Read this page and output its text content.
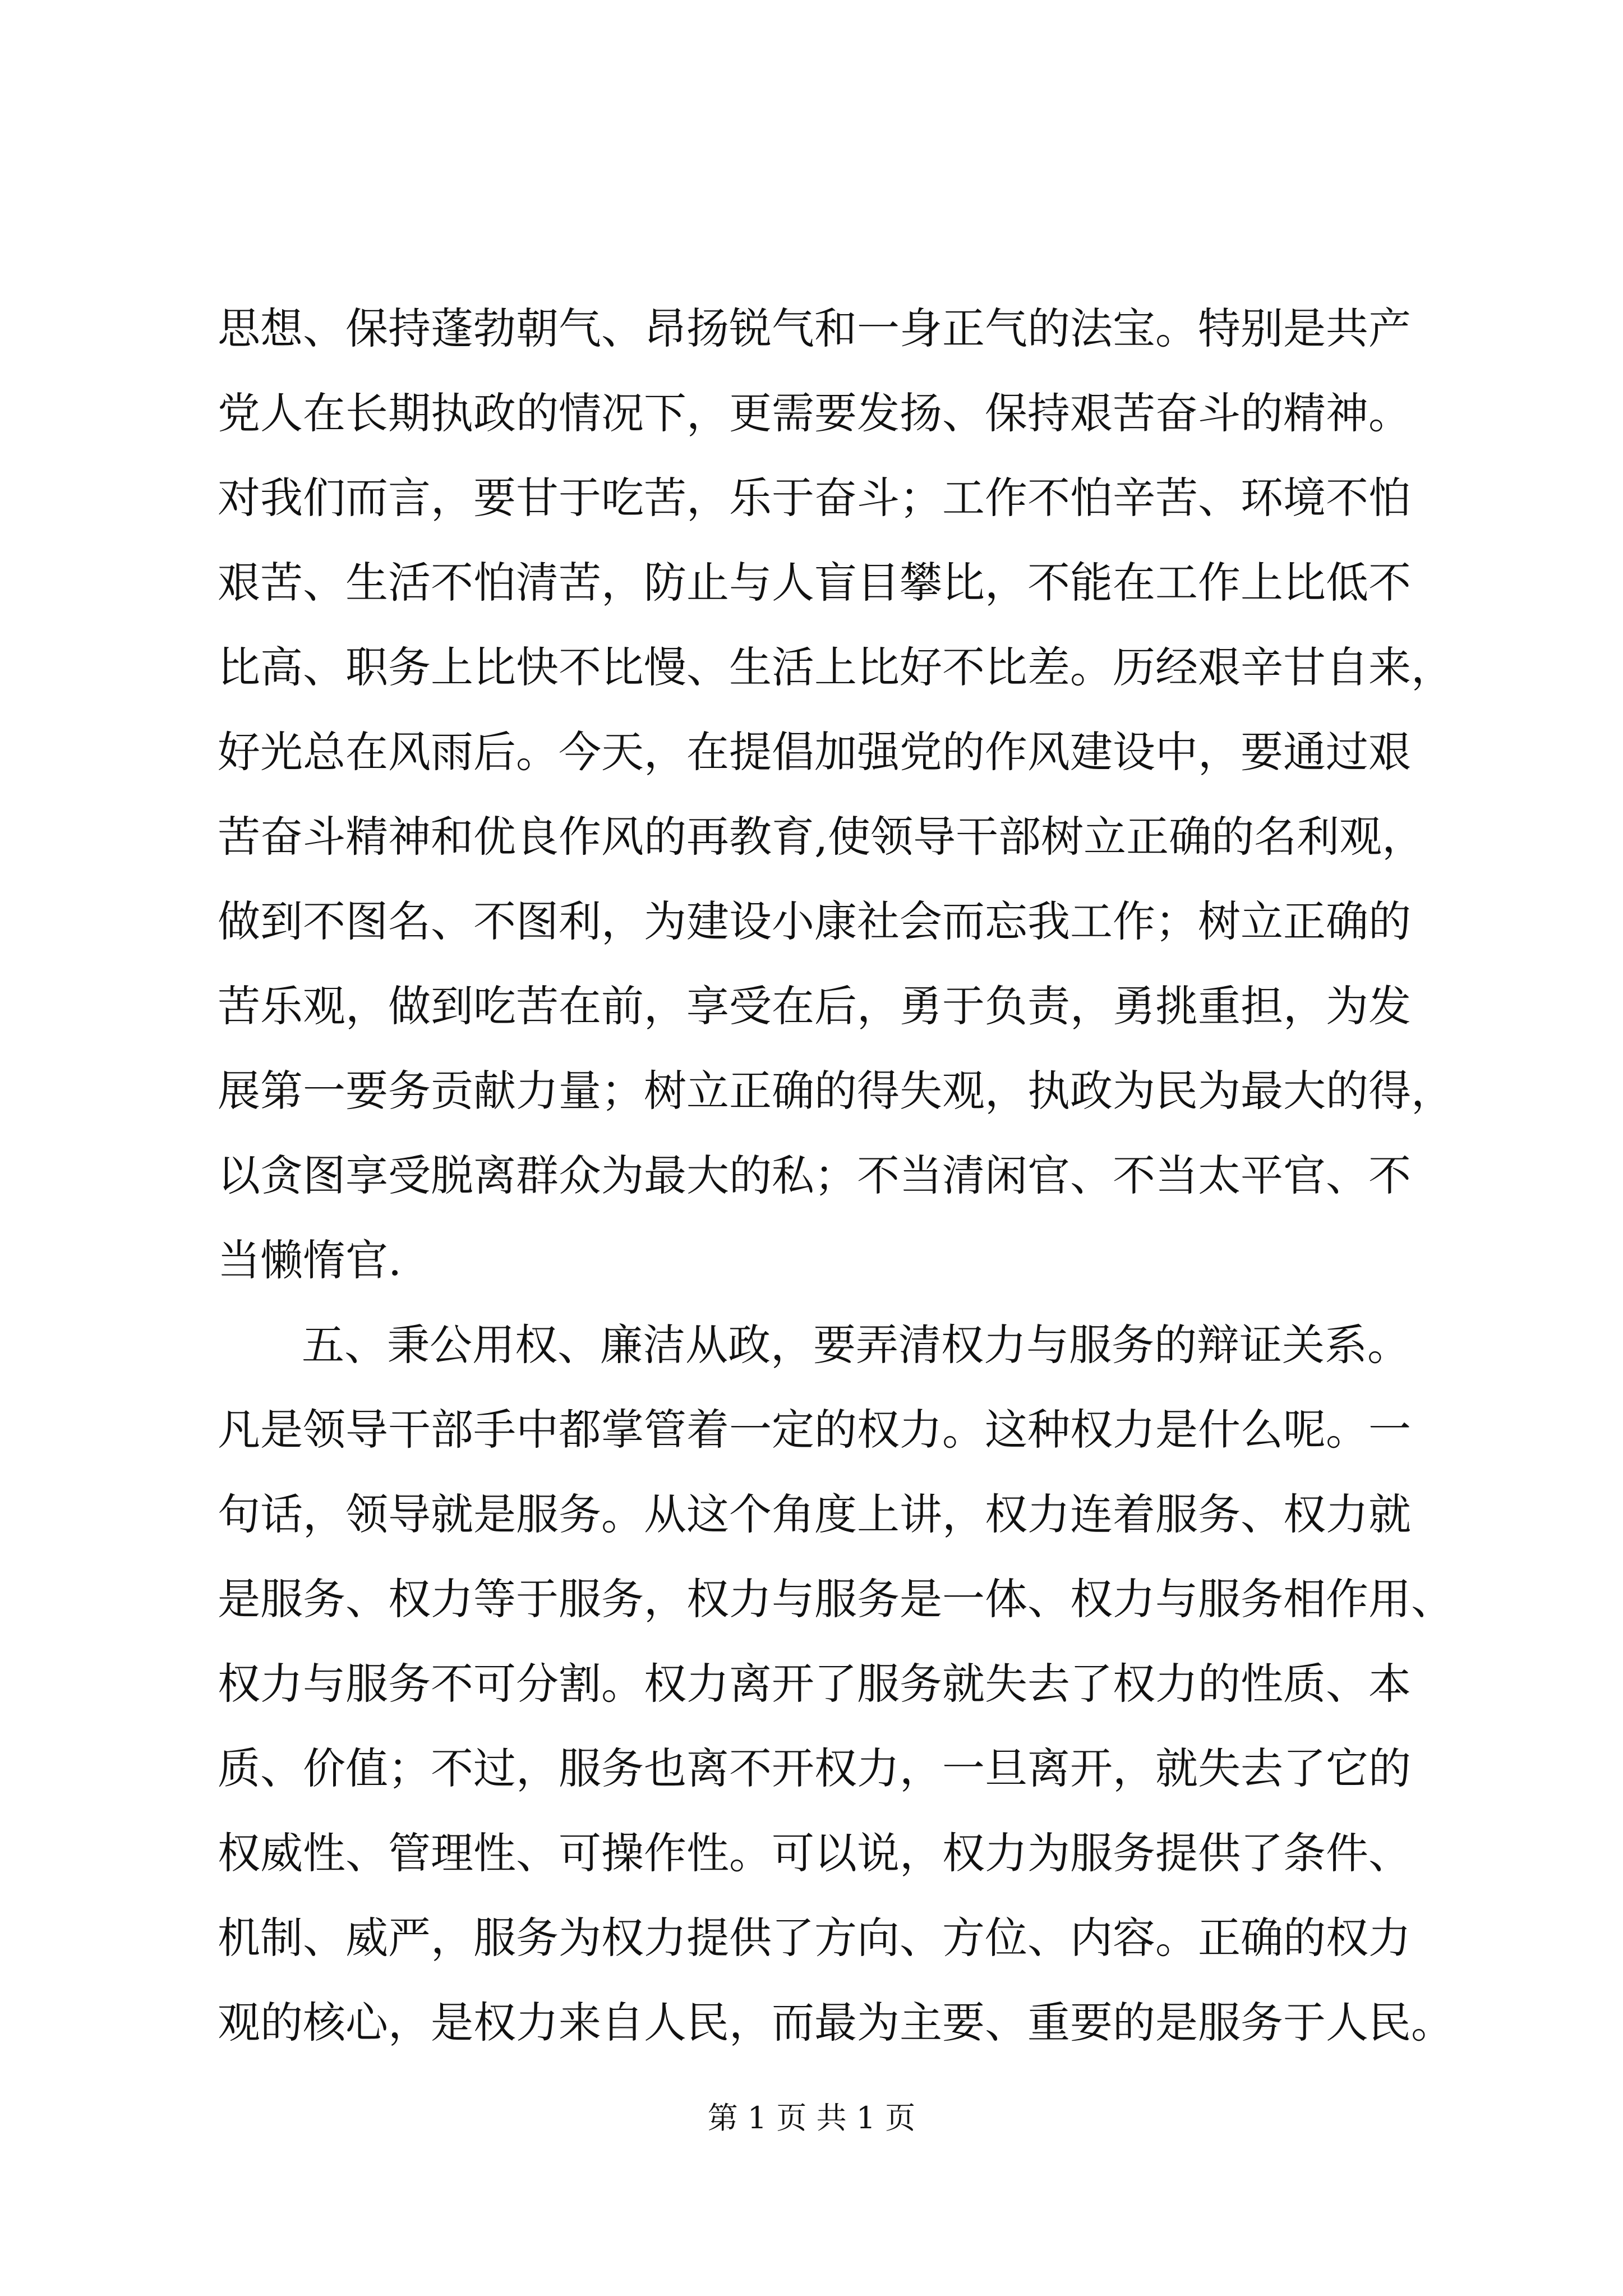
思想、保持蓬勃朝气、昂扬锐气和一身正气的法宝。特别是共产
党人在长期执政的情况下，更需要发扬、保持艰苦奋斗的精神。
对我们而言，要甘于吃苦，乐于奋斗；工作不怕辛苦、环境不怕
艰苦、生活不怕清苦，防止与人盲目攀比，不能在工作上比低不
比高、职务上比快不比慢、生活上比好不比差。历经艰辛甘自来，
好光总在风雨后。今天，在提倡加强党的作风建设中，要通过艰
苦奋斗精神和优良作风的再教育,使领导干部树立正确的名利观，
做到不图名、不图利，为建设小康社会而忘我工作；树立正确的
苦乐观，做到吃苦在前，享受在后，勇于负责，勇挑重担，为发
展第一要务贡献力量；树立正确的得失观，执政为民为最大的得，
以贪图享受脱离群众为最大的私；不当清闲官、不当太平官、不
当懒惰官.
五、秉公用权、廉洁从政，要弄清权力与服务的辩证关系。
凡是领导干部手中都掌管着一定的权力。这种权力是什么呢。一
句话，领导就是服务。从这个角度上讲，权力连着服务、权力就
是服务、权力等于服务，权力与服务是一体、权力与服务相作用、
权力与服务不可分割。权力离开了服务就失去了权力的性质、本
质、价值；不过，服务也离不开权力，一旦离开，就失去了它的
权威性、管理性、可操作性。可以说，权力为服务提供了条件、
机制、威严，服务为权力提供了方向、方位、内容。正确的权力
观的核心，是权力来自人民，而最为主要、重要的是服务于人民。
第 1 页 共 1 页
